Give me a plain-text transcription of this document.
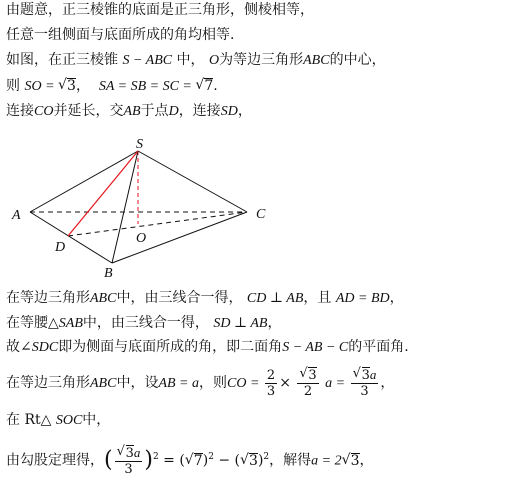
由题意，正三棱锥的底面是正三角形，侧棱相等，
任意一组侧面与底面所成的角均相等.
如图，在正三棱锥 S − ABC 中， O为等边三角形ABC的中心，
则 SO = √ 3， SA = SB = SC = √ 7.
连接CO并延长，交AB于点D，连接SD，
S
A
B
C
D
O
在等边三角形ABC中，由三线合一得， CD ⊥ AB，且 AD = BD，
在等腰△SAB中，由三线合一得， SD ⊥ AB，
故∠SDC即为侧面与底面所成的角，即二面角S − AB − C的平面角.
在等边三角形ABC中，设AB = a，则CO = $\frac{2}{3}$ × √ $\frac{3}{2}$ a = √ $\frac{3a}{3}$ ，
在 Rt△ SOC中，
由勾股定理得，( √ $\frac{3a}{3} )^2$ = ( √ 7)$^2$ − ( √ 3)$^2$，解得a = 2 √ 3，
